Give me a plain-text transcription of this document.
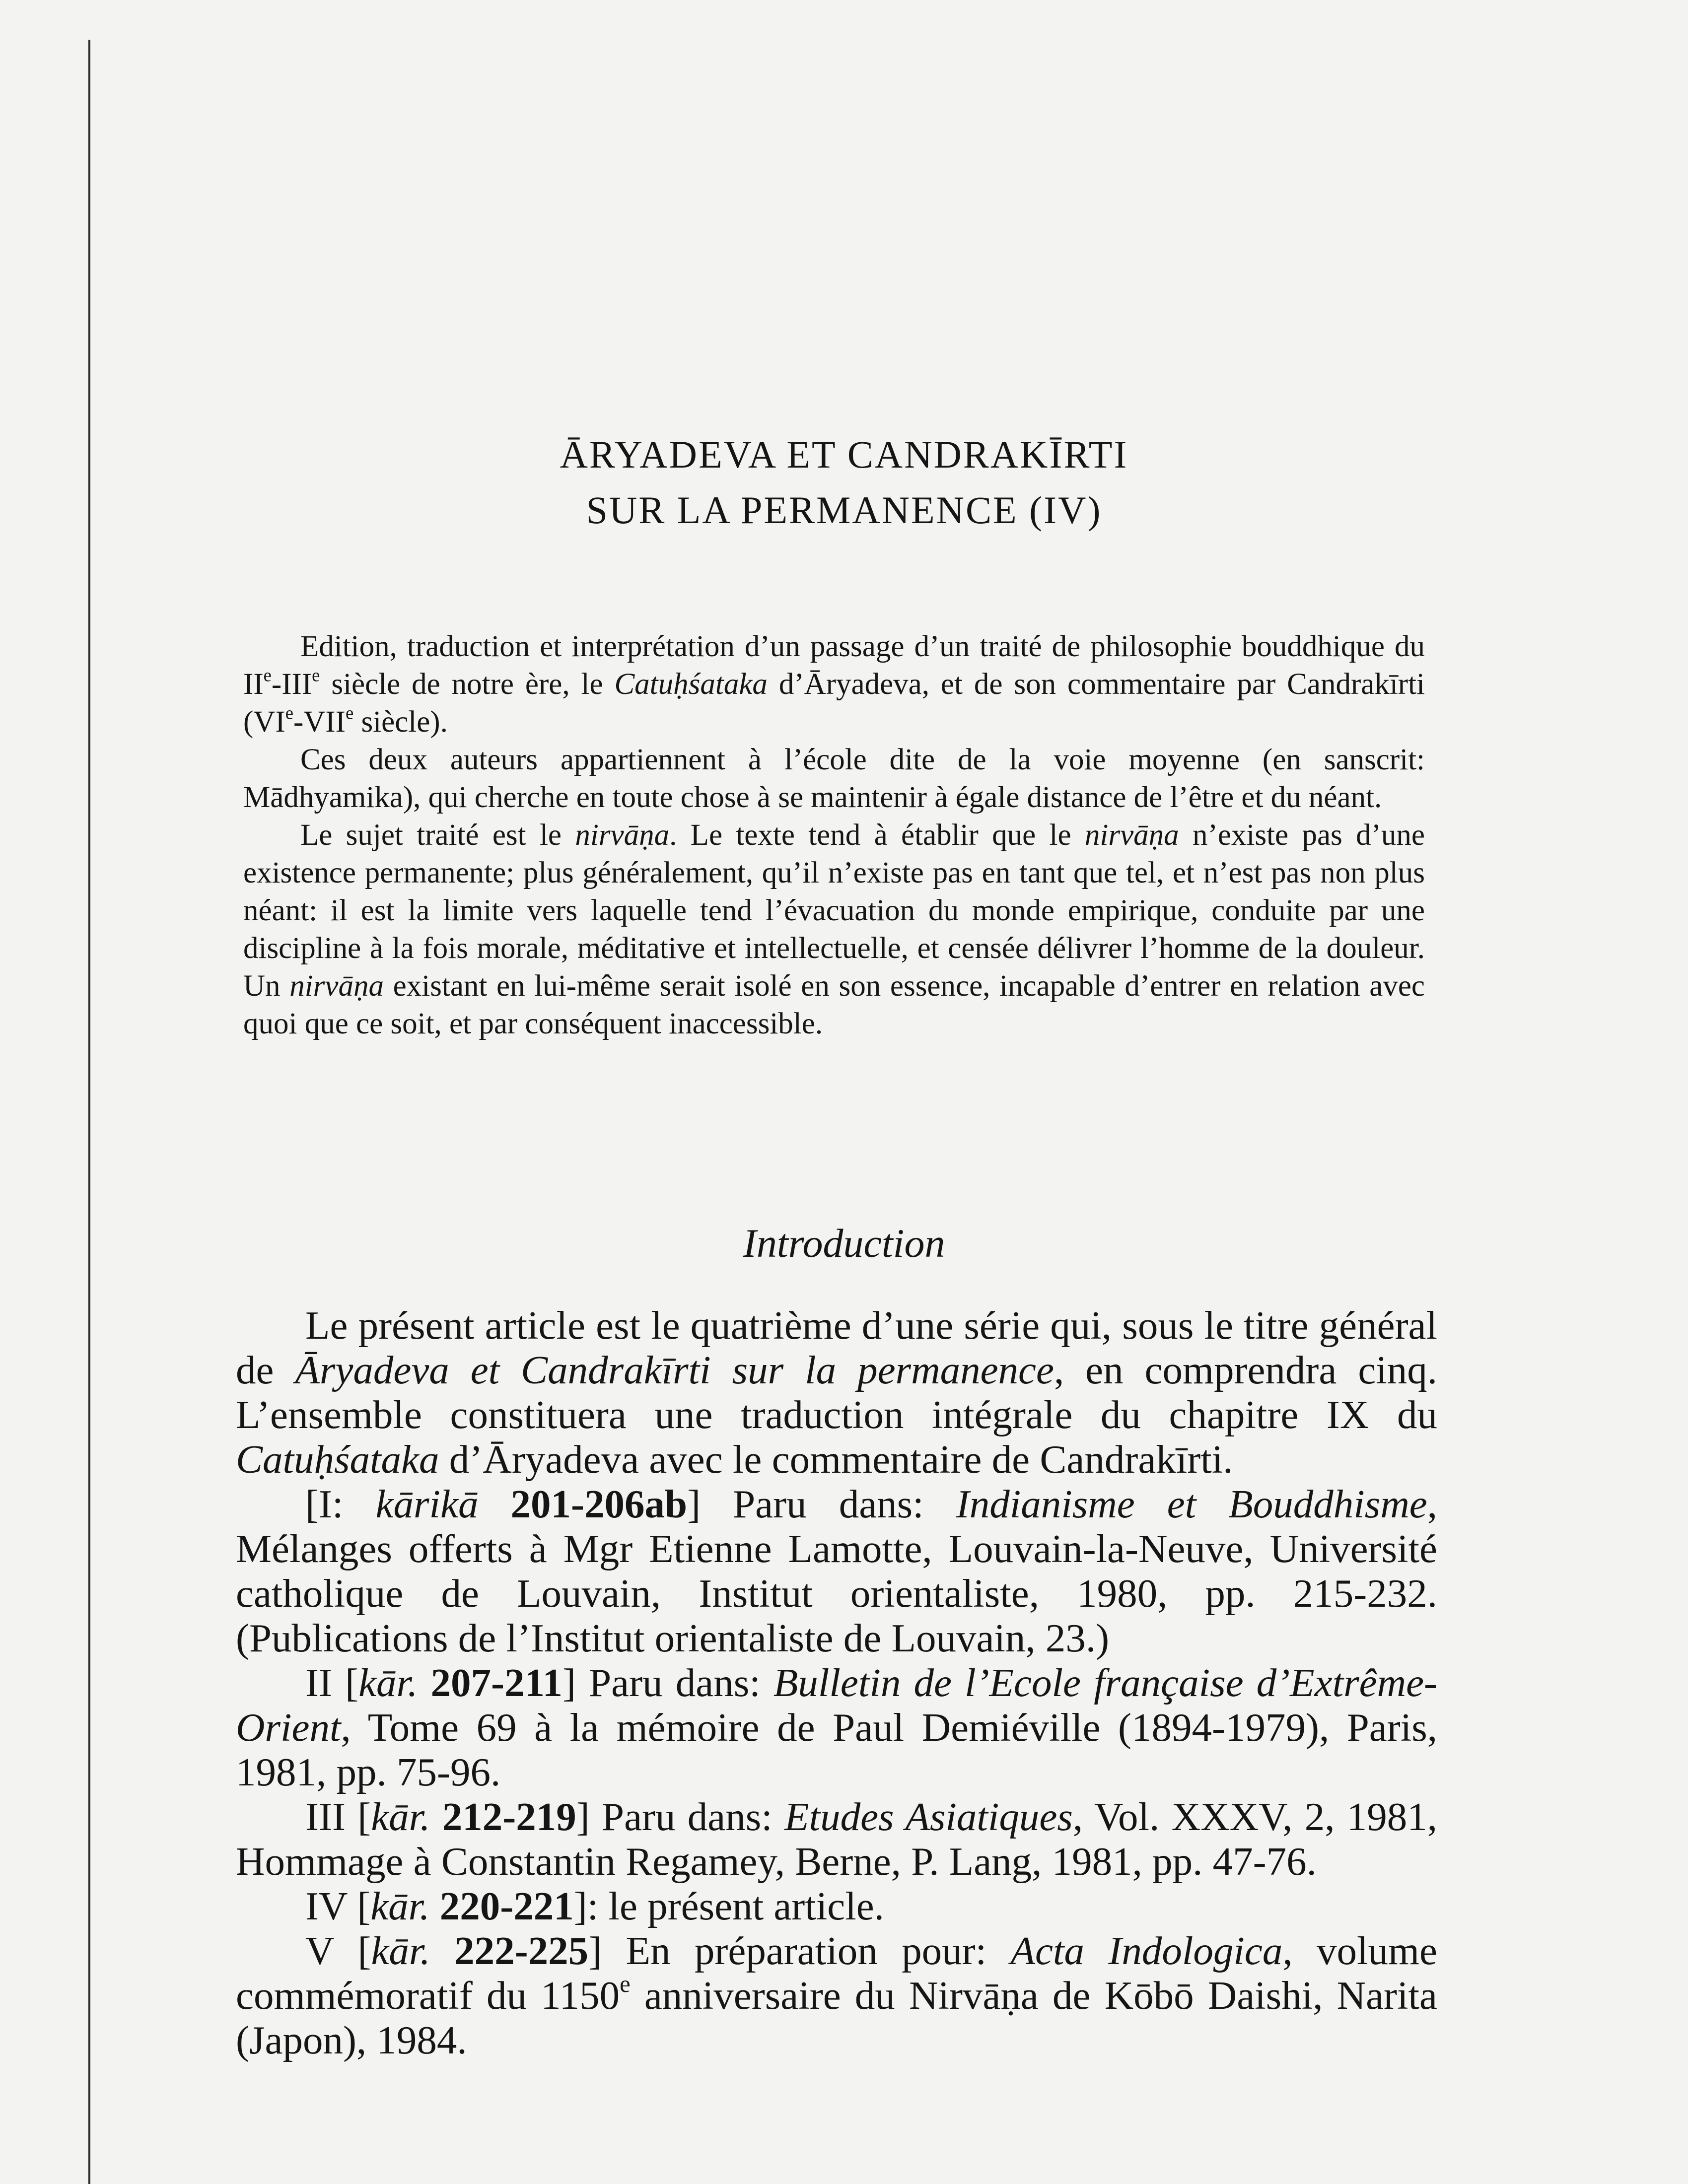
ĀRYADEVA ET CANDRAKĪRTI
SUR LA PERMANENCE (IV)

Edition, traduction et interprétation d’un passage d’un traité de philosophie bouddhique du IIe-IIIe siècle de notre ère, le Catuḥśataka d’Āryadeva, et de son commentaire par Candrakīrti (VIe-VIIe siècle).

Ces deux auteurs appartiennent à l’école dite de la voie moyenne (en sanscrit: Mādhyamika), qui cherche en toute chose à se maintenir à égale distance de l’être et du néant.

Le sujet traité est le nirvāṇa. Le texte tend à établir que le nirvāṇa n’existe pas d’une existence permanente; plus généralement, qu’il n’existe pas en tant que tel, et n’est pas non plus néant: il est la limite vers laquelle tend l’évacuation du monde empirique, conduite par une discipline à la fois morale, méditative et intellectuelle, et censée délivrer l’homme de la douleur. Un nirvāṇa existant en lui-même serait isolé en son essence, incapable d’entrer en relation avec quoi que ce soit, et par conséquent inaccessible.

Introduction

Le présent article est le quatrième d’une série qui, sous le titre général de Āryadeva et Candrakīrti sur la permanence, en comprendra cinq. L’ensemble constituera une traduction intégrale du chapitre IX du Catuḥśataka d’Āryadeva avec le commentaire de Candrakīrti.

[I: kārikā 201-206ab] Paru dans: Indianisme et Bouddhisme, Mélanges offerts à Mgr Etienne Lamotte, Louvain-la-Neuve, Université catholique de Louvain, Institut orientaliste, 1980, pp. 215-232. (Publications de l’Institut orientaliste de Louvain, 23.)

II [kār. 207-211] Paru dans: Bulletin de l’Ecole française d’Extrême-Orient, Tome 69 à la mémoire de Paul Demiéville (1894-1979), Paris, 1981, pp. 75-96.

III [kār. 212-219] Paru dans: Etudes Asiatiques, Vol. XXXV, 2, 1981, Hommage à Constantin Regamey, Berne, P. Lang, 1981, pp. 47-76.

IV [kār. 220-221]: le présent article.

V [kār. 222-225] En préparation pour: Acta Indologica, volume commémoratif du 1150e anniversaire du Nirvāṇa de Kōbō Daishi, Narita (Japon), 1984.
